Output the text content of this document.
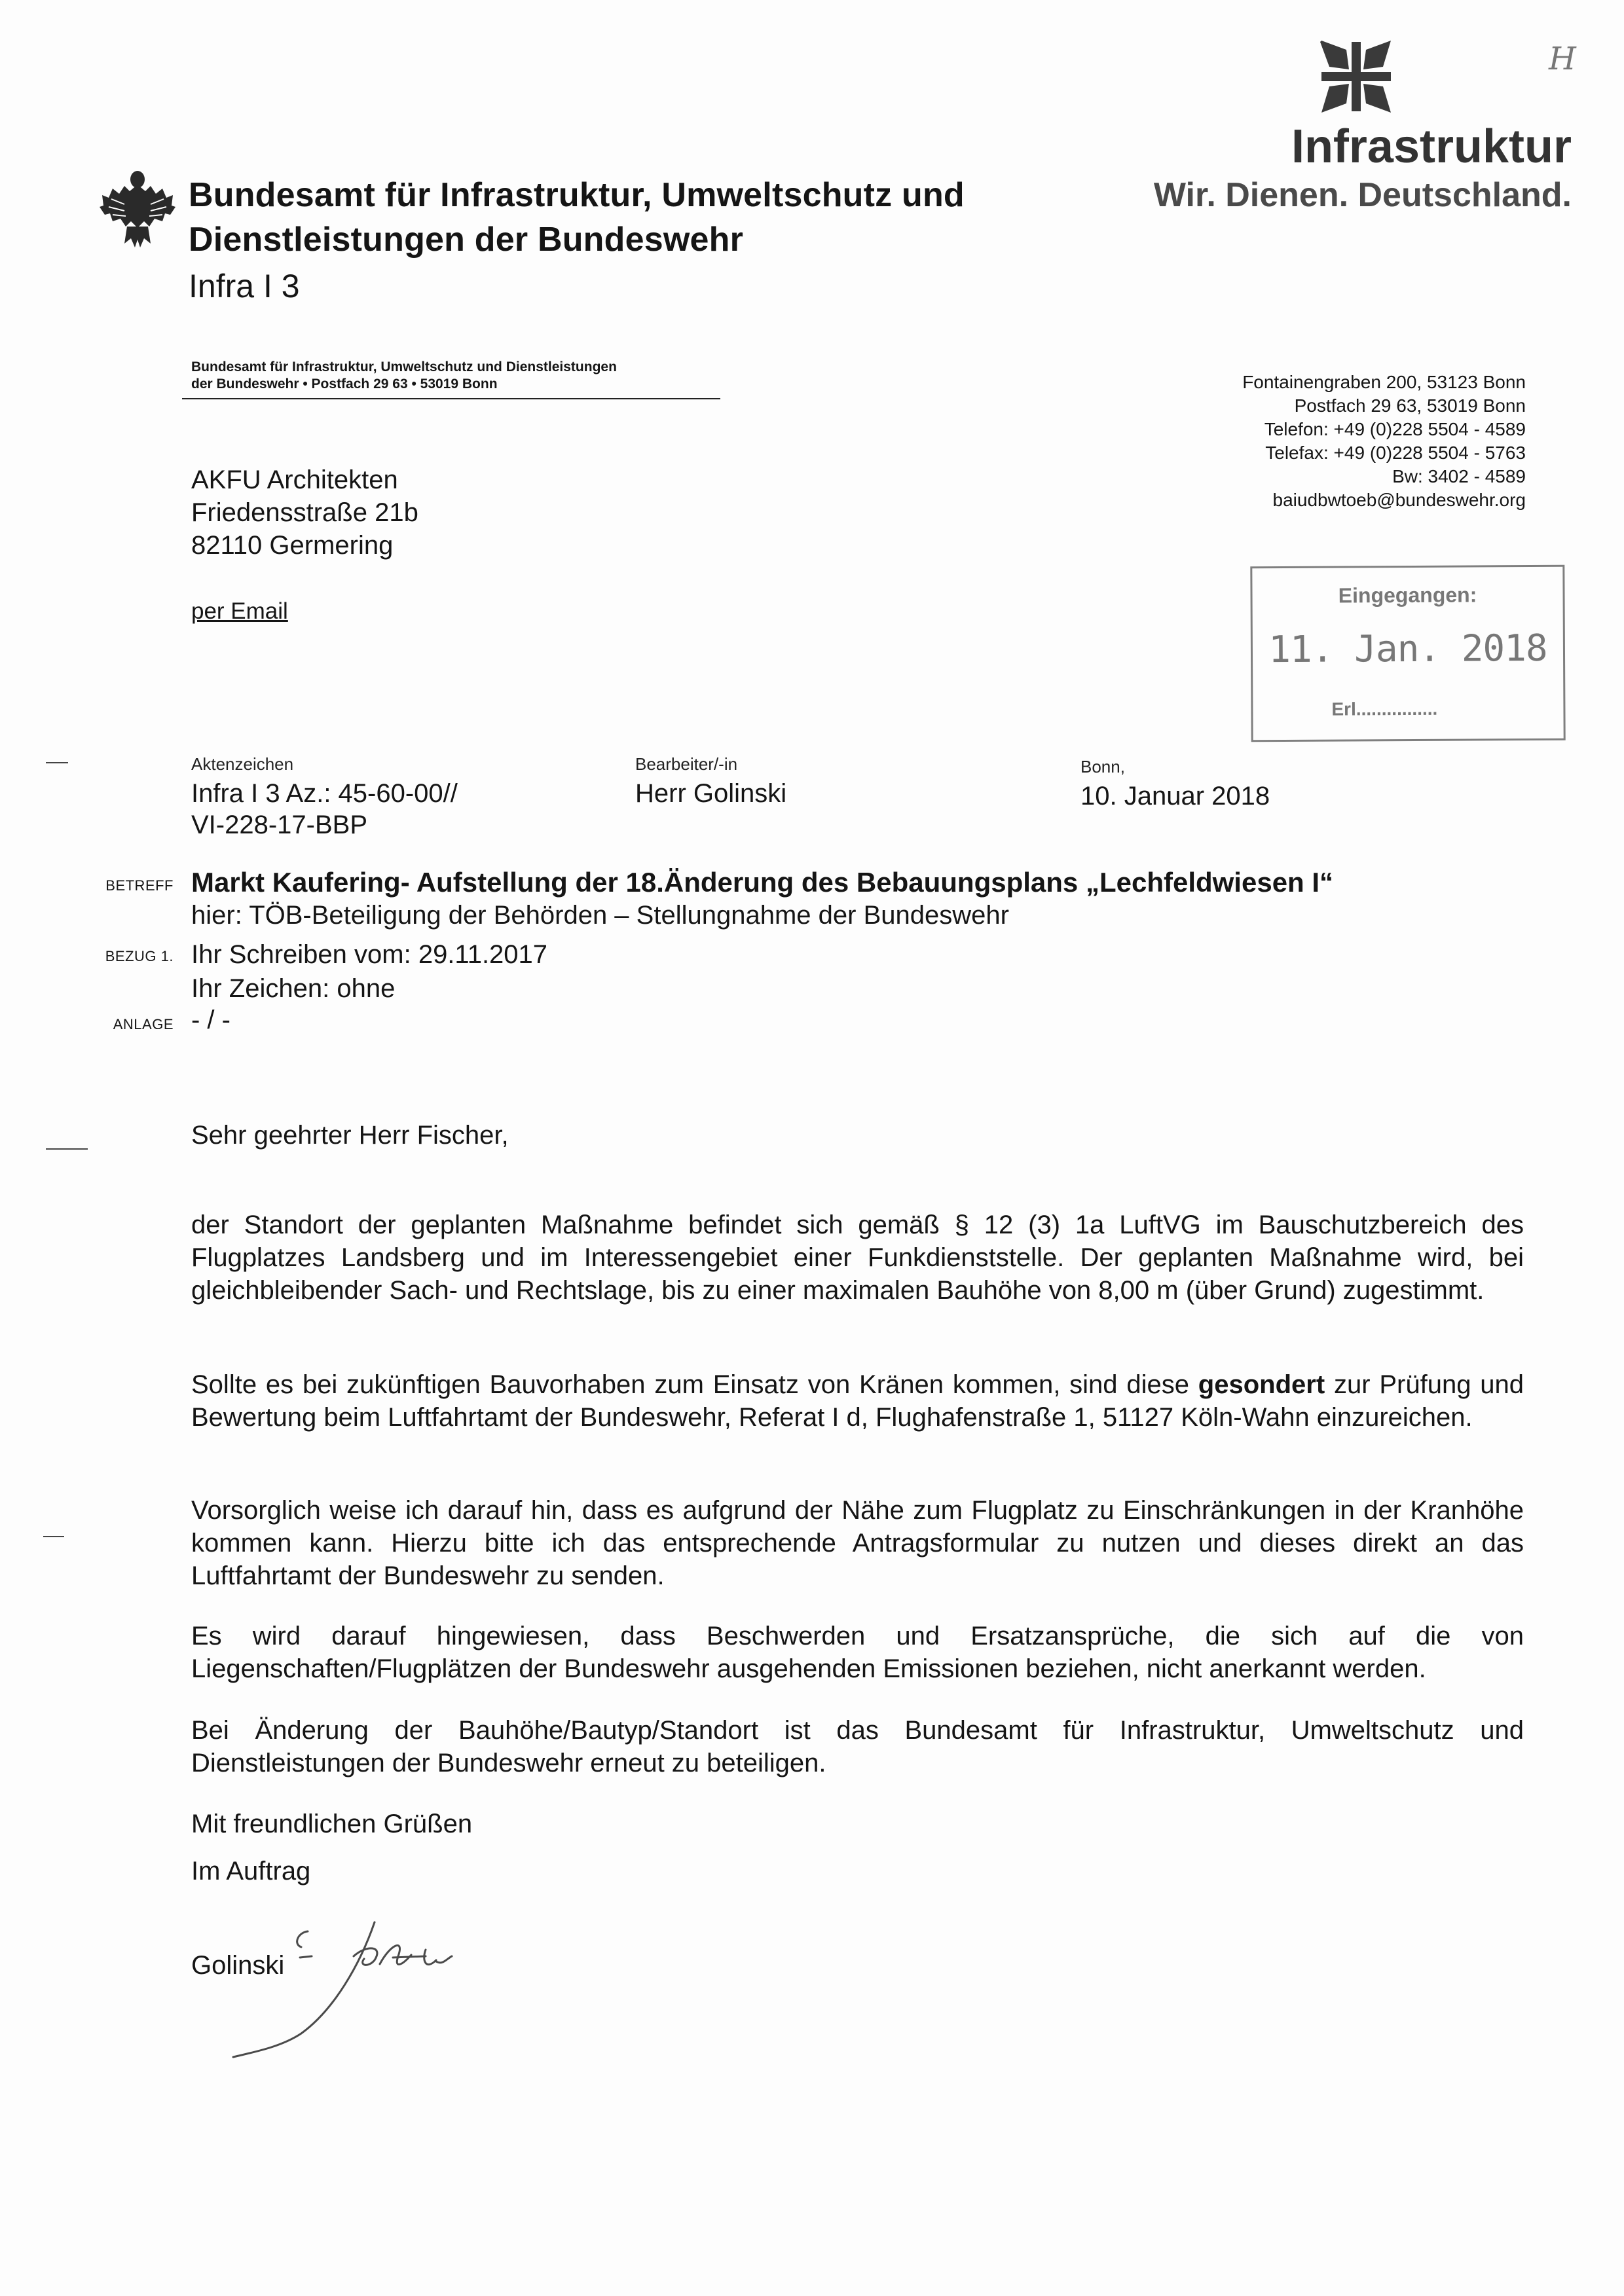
H
Bundesamt für Infrastruktur, Umweltschutz und
Dienstleistungen der Bundeswehr
Infra I 3
Infrastruktur
Wir. Dienen. Deutschland.
Bundesamt für Infrastruktur, Umweltschutz und Dienstleistungen
der Bundeswehr • Postfach 29 63 • 53019 Bonn	Fontainengraben 200, 53123 Bonn
Postfach 29 63, 53019 Bonn
Telefon: +49 (0)228 5504 - 4589
Telefax: +49 (0)228 5504 - 5763
Bw: 3402 - 4589
baiudbwtoeb@bundeswehr.org
AKFU Architekten
Friedensstraße 21b
82110 Germering
per Email
Eingegangen:
11. Jan. 2018
Erl................
Aktenzeichen
Infra I 3 Az.: 45-60-00//
VI-228-17-BBP
Bearbeiter/-in
Herr Golinski
Bonn,
10. Januar 2018
BETREFF Markt Kaufering- Aufstellung der 18.Änderung des Bebauungsplans „Lechfeldwiesen I“
hier: TÖB-Beteiligung der Behörden – Stellungnahme der Bundeswehr
BEZUG 1. Ihr Schreiben vom: 29.11.2017
Ihr Zeichen: ohne
ANLAGE - / -
Sehr geehrter Herr Fischer,
der Standort der geplanten Maßnahme befindet sich gemäß § 12 (3) 1a LuftVG im Bauschutzbereich des Flugplatzes Landsberg und im Interessengebiet einer Funkdienststelle. Der geplanten Maßnahme wird, bei gleichbleibender Sach- und Rechtslage, bis zu einer maximalen Bauhöhe von 8,00 m (über Grund) zugestimmt.
Sollte es bei zukünftigen Bauvorhaben zum Einsatz von Kränen kommen, sind diese gesondert zur Prüfung und Bewertung beim Luftfahrtamt der Bundeswehr, Referat I d, Flughafenstraße 1, 51127 Köln-Wahn einzureichen.
Vorsorglich weise ich darauf hin, dass es aufgrund der Nähe zum Flugplatz zu Einschränkungen in der Kranhöhe kommen kann. Hierzu bitte ich das entsprechende Antragsformular zu nutzen und dieses direkt an das Luftfahrtamt der Bundeswehr zu senden.
Es wird darauf hingewiesen, dass Beschwerden und Ersatzansprüche, die sich auf die von Liegenschaften/Flugplätzen der Bundeswehr ausgehenden Emissionen beziehen, nicht anerkannt werden.
Bei Änderung der Bauhöhe/Bautyp/Standort ist das Bundesamt für Infrastruktur, Umweltschutz und Dienstleistungen der Bundeswehr erneut zu beteiligen.
Mit freundlichen Grüßen
Im Auftrag
Golinski
